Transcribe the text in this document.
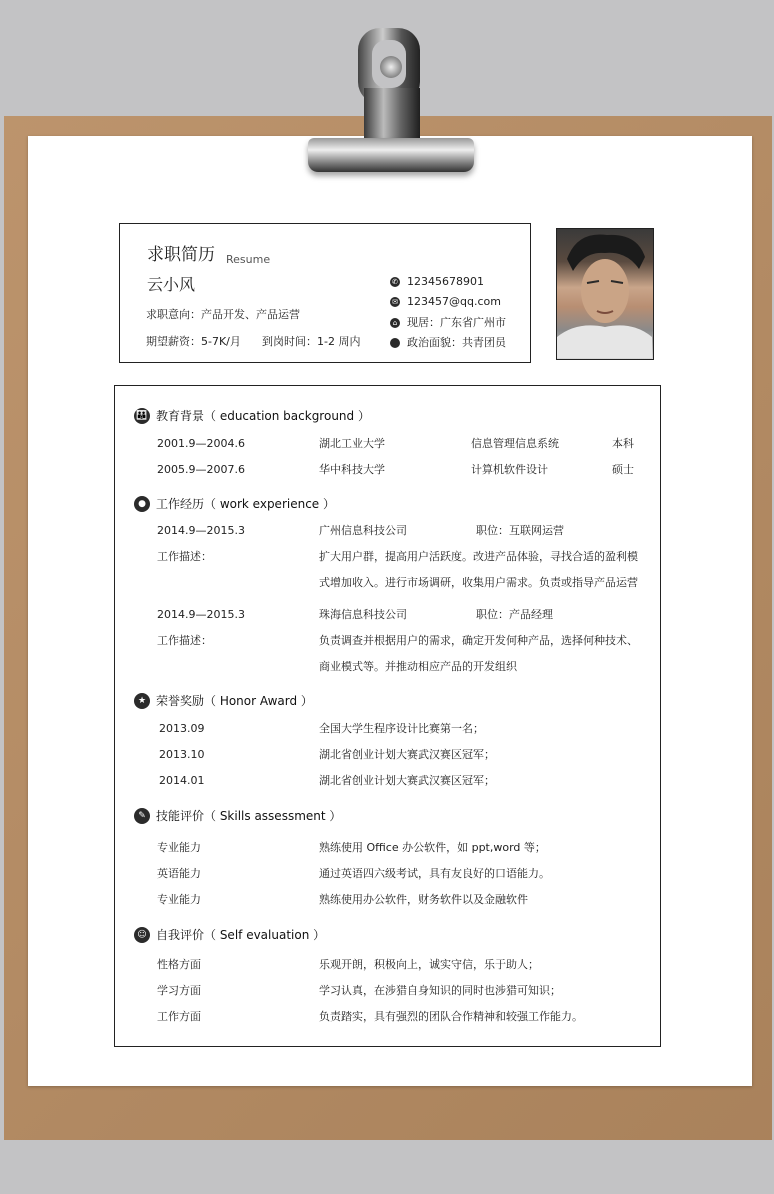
求职简历 Resume
云小风
求职意向：产品开发、产品运营
期望薪资：5-7K/月 到岗时间：1-2 周内
✆ 12345678901
✉ 123457@qq.com
⌂ 现居：广东省广州市
政治面貌：共青团员
👪 教育背景（ education background ）
2001.9—2004.6	湖北工业大学	信息管理信息系统	本科
2005.9—2007.6	华中科技大学	计算机软件设计	硕士
● 工作经历（ work experience ）
2014.9—2015.3	广州信息科技公司	职位：互联网运营
工作描述：	扩大用户群，提高用户活跃度。改进产品体验，寻找合适的盈利模
式增加收入。进行市场调研，收集用户需求。负责或指导产品运营
2014.9—2015.3	珠海信息科技公司	职位：产品经理
工作描述：	负责调查并根据用户的需求，确定开发何种产品，选择何种技术、
商业模式等。并推动相应产品的开发组织
★ 荣誉奖励（ Honor Award ）
2013.09	全国大学生程序设计比赛第一名；
2013.10	湖北省创业计划大赛武汉赛区冠军；
2014.01	湖北省创业计划大赛武汉赛区冠军；
✎ 技能评价（ Skills assessment ）
专业能力	熟练使用 Office 办公软件，如 ppt,word 等；
英语能力	通过英语四六级考试，具有友良好的口语能力。
专业能力	熟练使用办公软件，财务软件以及金融软件
☺ 自我评价（ Self evaluation ）
性格方面	乐观开朗，积极向上，诚实守信，乐于助人；
学习方面	学习认真，在涉猎自身知识的同时也涉猎可知识；
工作方面	负责踏实，具有强烈的团队合作精神和较强工作能力。
